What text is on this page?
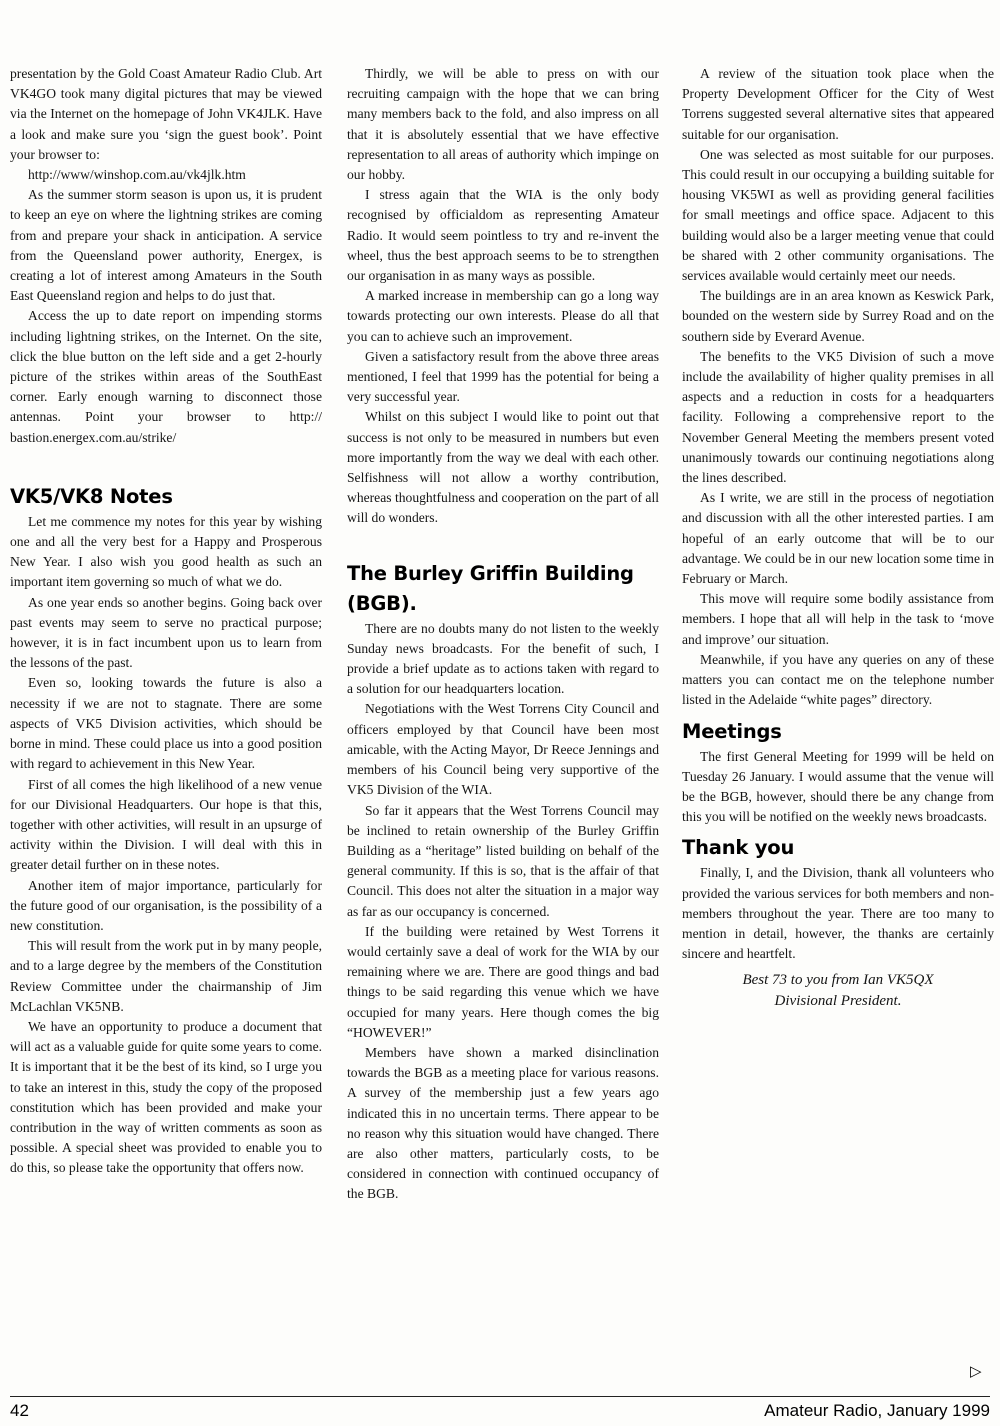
presentation by the Gold Coast Amateur Radio Club. Art VK4GO took many digital pictures that may be viewed via the Internet on the homepage of John VK4JLK. Have a look and make sure you ‘sign the guest book’. Point your browser to:

http://www/winshop.com.au/vk4jlk.htm

As the summer storm season is upon us, it is prudent to keep an eye on where the lightning strikes are coming from and prepare your shack in anticipation. A service from the Queensland power authority, Energex, is creating a lot of interest among Amateurs in the South East Queensland region and helps to do just that.

Access the up to date report on impending storms including lightning strikes, on the Internet. On the site, click the blue button on the left side and a get 2-hourly picture of the strikes within areas of the SouthEast corner. Early enough warning to disconnect those antennas. Point your browser to http:// bastion.energex.com.au/strike/

VK5/VK8 Notes

Let me commence my notes for this year by wishing one and all the very best for a Happy and Prosperous New Year. I also wish you good health as such an important item governing so much of what we do.

As one year ends so another begins. Going back over past events may seem to serve no practical purpose; however, it is in fact incumbent upon us to learn from the lessons of the past.

Even so, looking towards the future is also a necessity if we are not to stagnate. There are some aspects of VK5 Division activities, which should be borne in mind. These could place us into a good position with regard to achievement in this New Year.

First of all comes the high likelihood of a new venue for our Divisional Headquarters. Our hope is that this, together with other activities, will result in an upsurge of activity within the Division. I will deal with this in greater detail further on in these notes.

Another item of major importance, particularly for the future good of our organisation, is the possibility of a new constitution.

This will result from the work put in by many people, and to a large degree by the members of the Constitution Review Committee under the chairmanship of Jim McLachlan VK5NB.

We have an opportunity to produce a document that will act as a valuable guide for quite some years to come. It is important that it be the best of its kind, so I urge you to take an interest in this, study the copy of the proposed constitution which has been provided and make your contribution in the way of written comments as soon as possible. A special sheet was provided to enable you to do this, so please take the opportunity that offers now.

Thirdly, we will be able to press on with our recruiting campaign with the hope that we can bring many members back to the fold, and also impress on all that it is absolutely essential that we have effective representation to all areas of authority which impinge on our hobby.

I stress again that the WIA is the only body recognised by officialdom as representing Amateur Radio. It would seem pointless to try and re-invent the wheel, thus the best approach seems to be to strengthen our organisation in as many ways as possible.

A marked increase in membership can go a long way towards protecting our own interests. Please do all that you can to achieve such an improvement.

Given a satisfactory result from the above three areas mentioned, I feel that 1999 has the potential for being a very successful year.

Whilst on this subject I would like to point out that success is not only to be measured in numbers but even more importantly from the way we deal with each other. Selfishness will not allow a worthy contribution, whereas thoughtfulness and cooperation on the part of all will do wonders.

The Burley Griffin Building (BGB).

There are no doubts many do not listen to the weekly Sunday news broadcasts. For the benefit of such, I provide a brief update as to actions taken with regard to a solution for our headquarters location.

Negotiations with the West Torrens City Council and officers employed by that Council have been most amicable, with the Acting Mayor, Dr Reece Jennings and members of his Council being very supportive of the VK5 Division of the WIA.

So far it appears that the West Torrens Council may be inclined to retain ownership of the Burley Griffin Building as a “heritage” listed building on behalf of the general community. If this is so, that is the affair of that Council. This does not alter the situation in a major way as far as our occupancy is concerned.

If the building were retained by West Torrens it would certainly save a deal of work for the WIA by our remaining where we are. There are good things and bad things to be said regarding this venue which we have occupied for many years. Here though comes the big “HOWEVER!”

Members have shown a marked disinclination towards the BGB as a meeting place for various reasons. A survey of the membership just a few years ago indicated this in no uncertain terms. There appear to be no reason why this situation would have changed. There are also other matters, particularly costs, to be considered in connection with continued occupancy of the BGB.

A review of the situation took place when the Property Development Officer for the City of West Torrens suggested several alternative sites that appeared suitable for our organisation.

One was selected as most suitable for our purposes. This could result in our occupying a building suitable for housing VK5WI as well as providing general facilities for small meetings and office space. Adjacent to this building would also be a larger meeting venue that could be shared with 2 other community organisations. The services available would certainly meet our needs.

The buildings are in an area known as Keswick Park, bounded on the western side by Surrey Road and on the southern side by Everard Avenue.

The benefits to the VK5 Division of such a move include the availability of higher quality premises in all aspects and a reduction in costs for a headquarters facility. Following a comprehensive report to the November General Meeting the members present voted unanimously towards our continuing negotiations along the lines described.

As I write, we are still in the process of negotiation and discussion with all the other interested parties. I am hopeful of an early outcome that will be to our advantage. We could be in our new location some time in February or March.

This move will require some bodily assistance from members. I hope that all will help in the task to ‘move and improve’ our situation.

Meanwhile, if you have any queries on any of these matters you can contact me on the telephone number listed in the Adelaide “white pages” directory.

Meetings

The first General Meeting for 1999 will be held on Tuesday 26 January. I would assume that the venue will be the BGB, however, should there be any change from this you will be notified on the weekly news broadcasts.

Thank you

Finally, I, and the Division, thank all volunteers who provided the various services for both members and non-members throughout the year. There are too many to mention in detail, however, the thanks are certainly sincere and heartfelt.

Best 73 to you from Ian VK5QX
Divisional President.

▷
42	Amateur Radio, January 1999
